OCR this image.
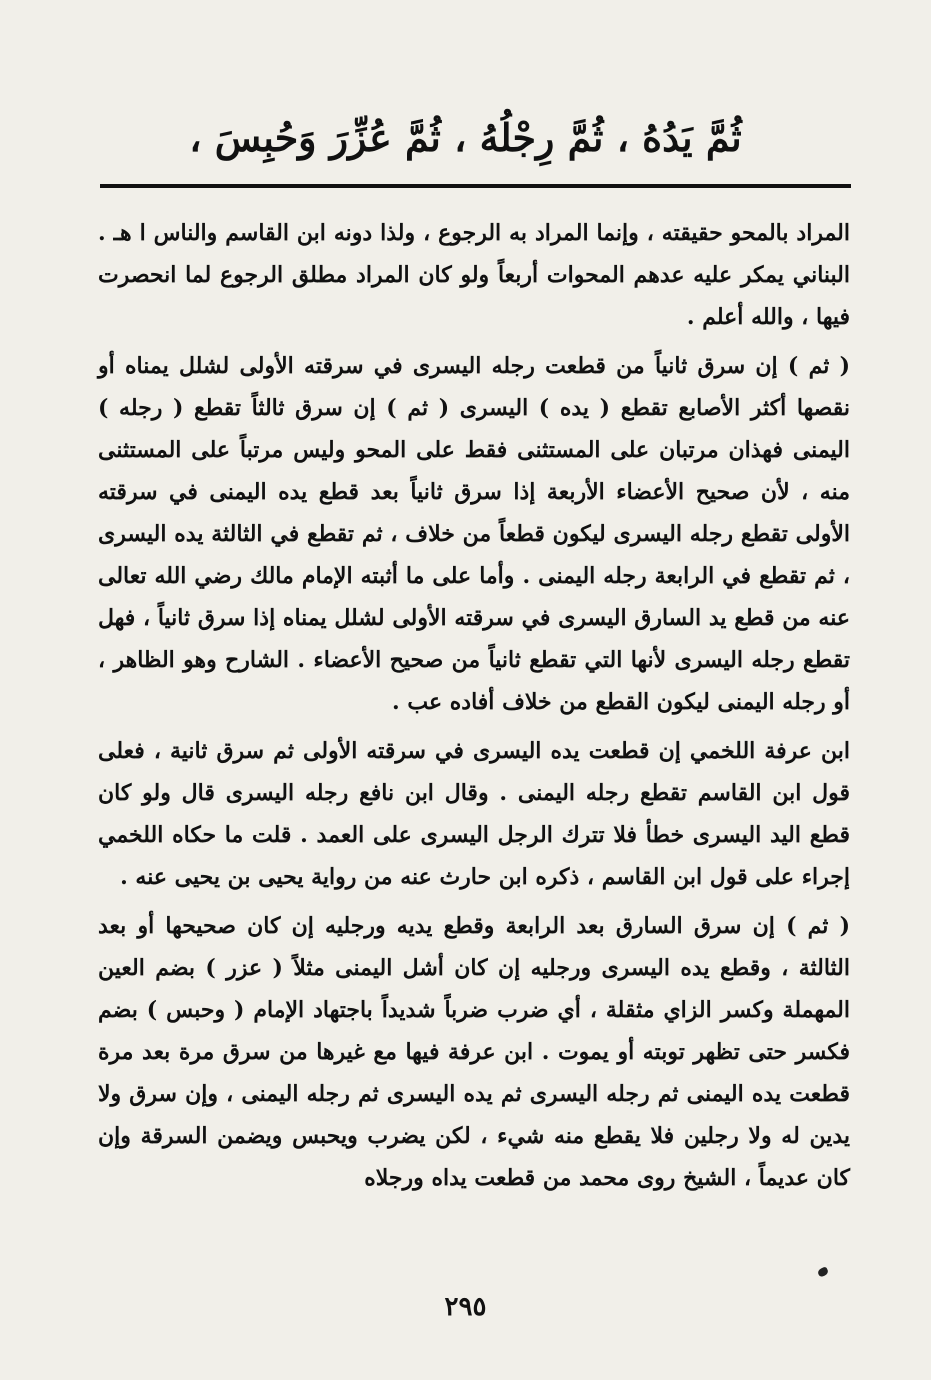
ثُمَّ يَدُهُ ، ثُمَّ رِجْلُهُ ، ثُمَّ عُزِّرَ وَحُبِسَ ،

المراد بالمحو حقيقته ، وإنما المراد به الرجوع ، ولذا دونه ابن القاسم والناس ا هـ . البناني يمكر عليه عدهم المحوات أربعاً ولو كان المراد مطلق الرجوع لما انحصرت فيها ، والله أعلم .

( ثم ) إن سرق ثانياً من قطعت رجله اليسرى في سرقته الأولى لشلل يمناه أو نقصها أكثر الأصابع تقطع ( يده ) اليسرى ( ثم ) إن سرق ثالثاً تقطع ( رجله ) اليمنى فهذان مرتبان على المستثنى فقط على المحو وليس مرتباً على المستثنى منه ، لأن صحيح الأعضاء الأربعة إذا سرق ثانياً بعد قطع يده اليمنى في سرقته الأولى تقطع رجله اليسرى ليكون قطعاً من خلاف ، ثم تقطع في الثالثة يده اليسرى ، ثم تقطع في الرابعة رجله اليمنى . وأما على ما أثبته الإمام مالك رضي الله تعالى عنه من قطع يد السارق اليسرى في سرقته الأولى لشلل يمناه إذا سرق ثانياً ، فهل تقطع رجله اليسرى لأنها التي تقطع ثانياً من صحيح الأعضاء . الشارح وهو الظاهر ، أو رجله اليمنى ليكون القطع من خلاف أفاده عب .

ابن عرفة اللخمي إن قطعت يده اليسرى في سرقته الأولى ثم سرق ثانية ، فعلى قول ابن القاسم تقطع رجله اليمنى . وقال ابن نافع رجله اليسرى قال ولو كان قطع اليد اليسرى خطأ فلا تترك الرجل اليسرى على العمد . قلت ما حكاه اللخمي إجراء على قول ابن القاسم ، ذكره ابن حارث عنه من رواية يحيى بن يحيى عنه .

( ثم ) إن سرق السارق بعد الرابعة وقطع يديه ورجليه إن كان صحيحها أو بعد الثالثة ، وقطع يده اليسرى ورجليه إن كان أشل اليمنى مثلاً ( عزر ) بضم العين المهملة وكسر الزاي مثقلة ، أي ضرب ضرباً شديداً باجتهاد الإمام ( وحبس ) بضم فكسر حتى تظهر توبته أو يموت . ابن عرفة فيها مع غيرها من سرق مرة بعد مرة قطعت يده اليمنى ثم رجله اليسرى ثم يده اليسرى ثم رجله اليمنى ، وإن سرق ولا يدين له ولا رجلين فلا يقطع منه شيء ، لكن يضرب ويحبس ويضمن السرقة وإن كان عديماً ، الشيخ روى محمد من قطعت يداه ورجلاه

٢٩٥
